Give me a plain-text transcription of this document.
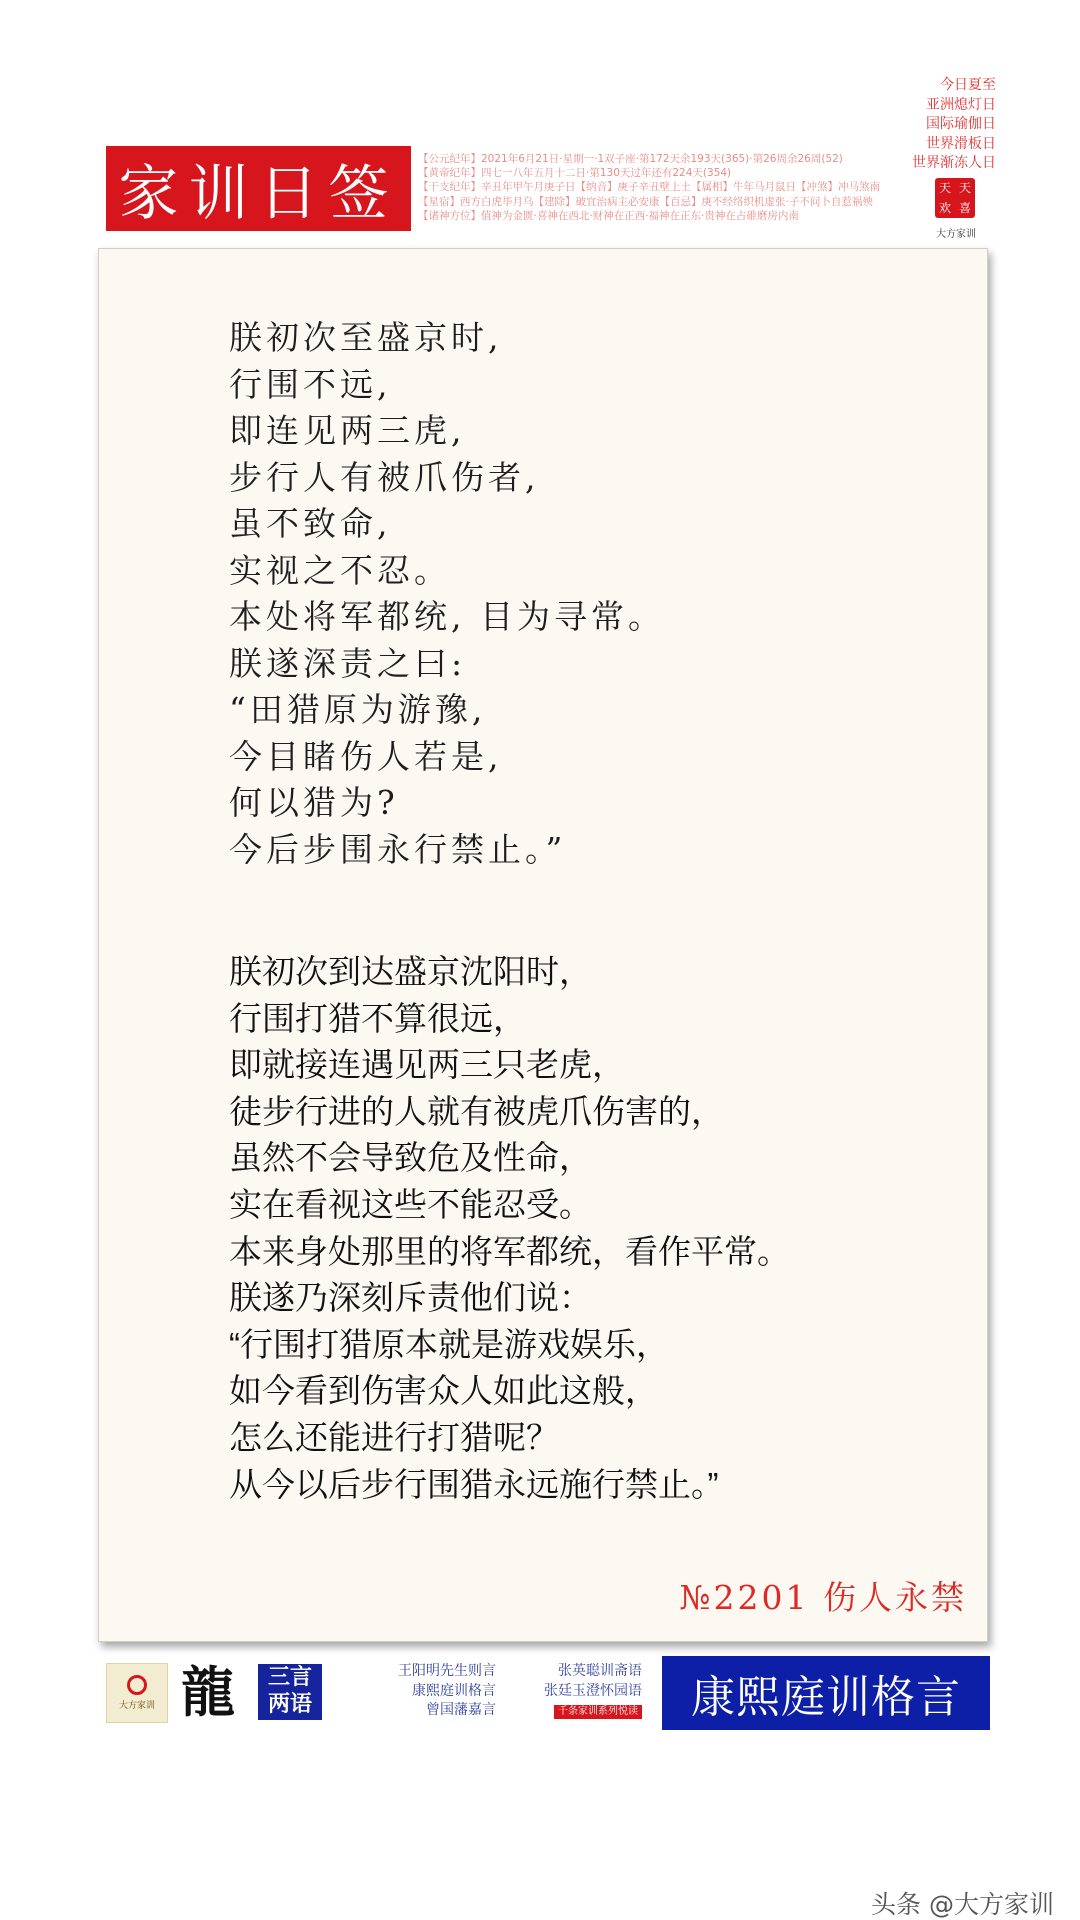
家训日签	【公元纪年】2021年6月21日·星期一·1双子座·第172天余193天(365)·第26周余26周(52)
【黄帝纪年】四七一八年五月十二日·第130天过年还有224天(354)
【干支纪年】辛丑年甲午月庚子日【纳音】庚子辛丑壁上土【属相】牛年马月鼠日【冲煞】冲马煞南
【星宿】西方白虎毕月乌【建除】破宜治病主必安康【百忌】庚不经络织机虚张·子不问卜自惹祸殃
【诸神方位】值神为金匮·喜神在西北·财神在正西·福神在正东·贵神在占碓磨房内南
今日夏至
亚洲熄灯日
国际瑜伽日
世界滑板日
世界渐冻人日
天 天
欢 喜
大方家训
朕初次至盛京时,
行围不远,
即连见两三虎,
步行人有被爪伤者,
虽不致命,
实视之不忍。
本处将军都统, 目为寻常。
朕遂深责之曰:
“田猎原为游豫,
今目睹伤人若是,
何以猎为?
今后步围永行禁止。”
朕初次到达盛京沈阳时，
行围打猎不算很远，
即就接连遇见两三只老虎，
徒步行进的人就有被虎爪伤害的，
虽然不会导致危及性命，
实在看视这些不能忍受。
本来身处那里的将军都统，看作平常。
朕遂乃深刻斥责他们说：
“行围打猎原本就是游戏娱乐，
如今看到伤害众人如此这般，
怎么还能进行打猎呢？
从今以后步行围猎永远施行禁止。”
№2201 伤人永禁
大方家训 龍	三言
两语
王阳明先生则言
康熙庭训格言
曾国藩嘉言
张英聪训斋语
张廷玉澄怀园语
千条家训系列悦读	康熙庭训格言
头条 @大方家训
